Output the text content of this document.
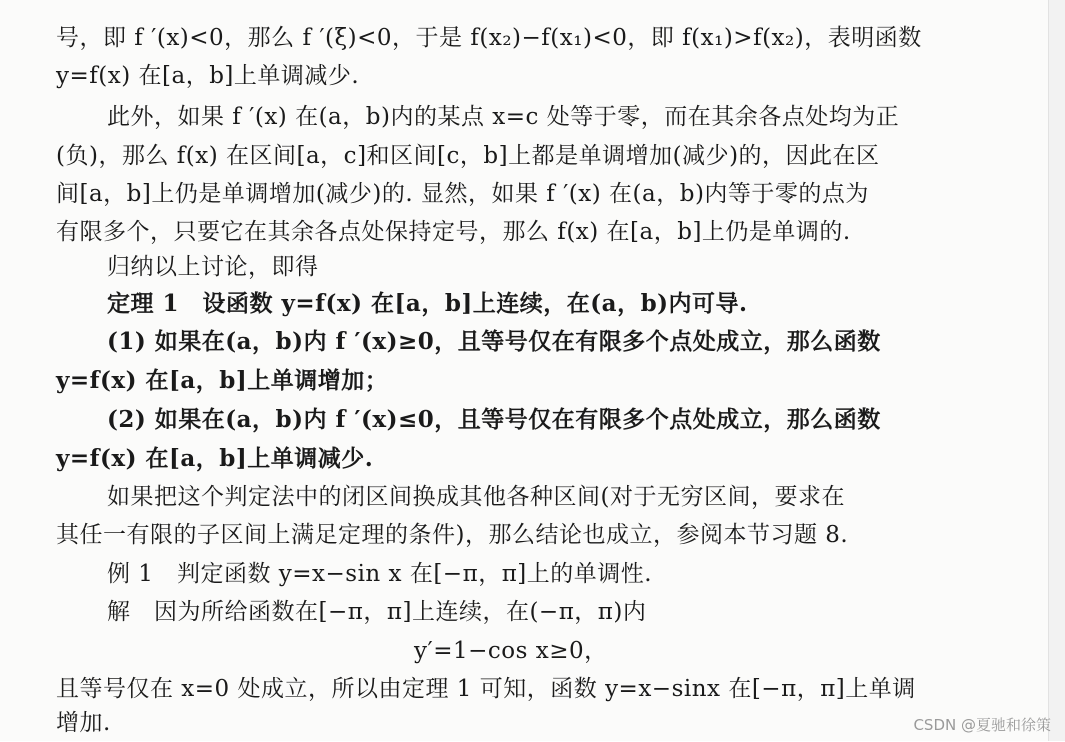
号，即 f ′(x)<0，那么 f ′(ξ)<0，于是 f(x₂)−f(x₁)<0，即 f(x₁)>f(x₂)，表明函数
y=f(x) 在[a，b]上单调减少.
此外，如果 f ′(x) 在(a，b)内的某点 x=c 处等于零，而在其余各点处均为正
(负)，那么 f(x) 在区间[a，c]和区间[c，b]上都是单调增加(减少)的，因此在区
间[a，b]上仍是单调增加(减少)的. 显然，如果 f ′(x) 在(a，b)内等于零的点为
有限多个，只要它在其余各点处保持定号，那么 f(x) 在[a，b]上仍是单调的.
归纳以上讨论，即得
定理 1　设函数 y=f(x) 在[a，b]上连续，在(a，b)内可导.
(1) 如果在(a，b)内 f ′(x)≥0，且等号仅在有限多个点处成立，那么函数
y=f(x) 在[a，b]上单调增加；
(2) 如果在(a，b)内 f ′(x)≤0，且等号仅在有限多个点处成立，那么函数
y=f(x) 在[a，b]上单调减少.
如果把这个判定法中的闭区间换成其他各种区间(对于无穷区间，要求在
其任一有限的子区间上满足定理的条件)，那么结论也成立，参阅本节习题 8.
例 1　判定函数 y=x−sin x 在[−π，π]上的单调性.
解　因为所给函数在[−π，π]上连续，在(−π，π)内
y′=1−cos x≥0，
且等号仅在 x=0 处成立，所以由定理 1 可知，函数 y=x−sinx 在[−π，π]上单调
增加.	CSDN @夏驰和徐策
